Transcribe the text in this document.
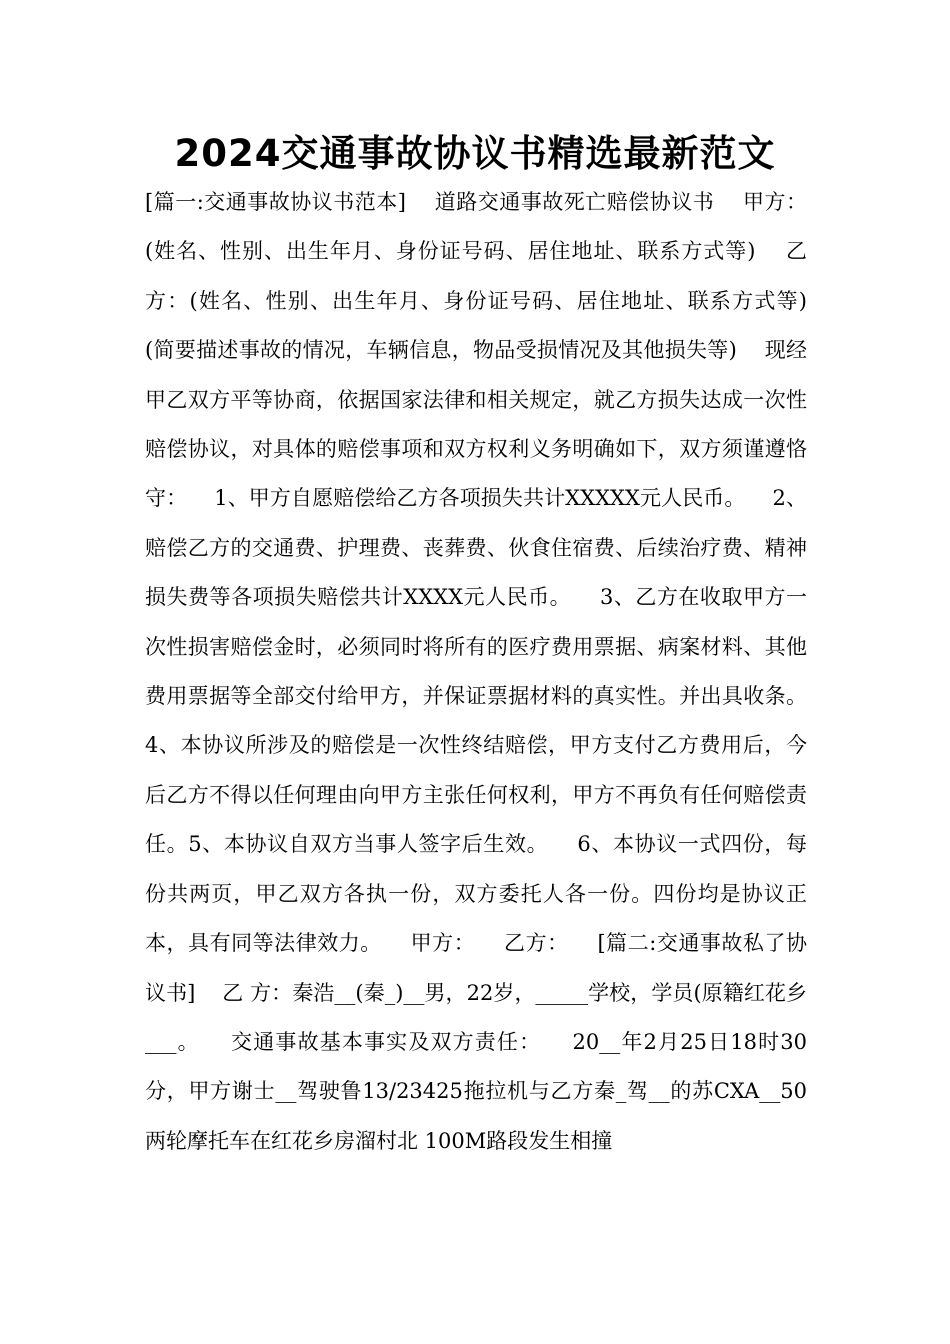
2024交通事故协议书精选最新范文

[篇一:交通事故协议书范本]    道路交通事故死亡赔偿协议书    甲方：(姓名、性别、出生年月、身份证号码、居住地址、联系方式等)    乙方：(姓名、性别、出生年月、身份证号码、居住地址、联系方式等)    (简要描述事故的情况，车辆信息，物品受损情况及其他损失等)    现经甲乙双方平等协商，依据国家法律和相关规定，就乙方损失达成一次性赔偿协议，对具体的赔偿事项和双方权利义务明确如下，双方须谨遵恪守：    1、甲方自愿赔偿给乙方各项损失共计XXXXX元人民币。    2、赔偿乙方的交通费、护理费、丧葬费、伙食住宿费、后续治疗费、精神损失费等各项损失赔偿共计XXXX元人民币。    3、乙方在收取甲方一次性损害赔偿金时，必须同时将所有的医疗费用票据、病案材料、其他费用票据等全部交付给甲方，并保证票据材料的真实性。并出具收条。    4、本协议所涉及的赔偿是一次性终结赔偿，甲方支付乙方费用后，今后乙方不得以任何理由向甲方主张任何权利，甲方不再负有任何赔偿责任。5、本协议自双方当事人签字后生效。    6、本协议一式四份，每份共两页，甲乙双方各执一份，双方委托人各一份。四份均是协议正本，具有同等法律效力。    甲方：    乙方：    [篇二:交通事故私了协议书]    乙 方：秦浩__(秦_)__男，22岁，_____学校，学员(原籍红花乡___。    交通事故基本事实及双方责任：    20__年2月25日18时30分，甲方谢士__驾驶鲁13/23425拖拉机与乙方秦_驾__的苏CXA__50两轮摩托车在红花乡房溜村北 100M路段发生相撞
